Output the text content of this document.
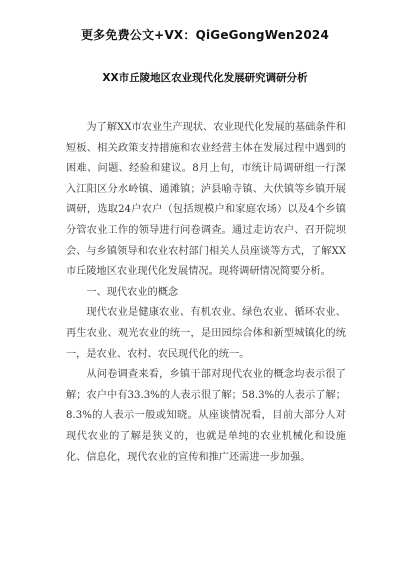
更多免费公文+VX：QiGeGongWen2024
XX市丘陵地区农业现代化发展研究调研分析

为了解XX市农业生产现状、农业现代化发展的基础条件和短板、相关政策支持措施和农业经营主体在发展过程中遇到的困难、问题、经验和建议。8月上旬，市统计局调研组一行深入江阳区分水岭镇、通滩镇；泸县喻寺镇、大伏镇等乡镇开展调研，选取24户农户（包括规模户和家庭农场）以及4个乡镇分管农业工作的领导进行问卷调查。通过走访农户、召开院坝会、与乡镇领导和农业农村部门相关人员座谈等方式，了解XX市丘陵地区农业现代化发展情况。现将调研情况简要分析。

一、现代农业的概念

现代农业是健康农业、有机农业、绿色农业、循环农业、再生农业、观光农业的统一，是田园综合体和新型城镇化的统一，是农业、农村、农民现代化的统一。

从问卷调查来看，乡镇干部对现代农业的概念均表示很了解；农户中有33.3%的人表示很了解；58.3%的人表示了解；8.3%的人表示一般或知晓。从座谈情况看，目前大部分人对现代农业的了解是狭义的，也就是单纯的农业机械化和设施化、信息化，现代农业的宣传和推广还需进一步加强。
